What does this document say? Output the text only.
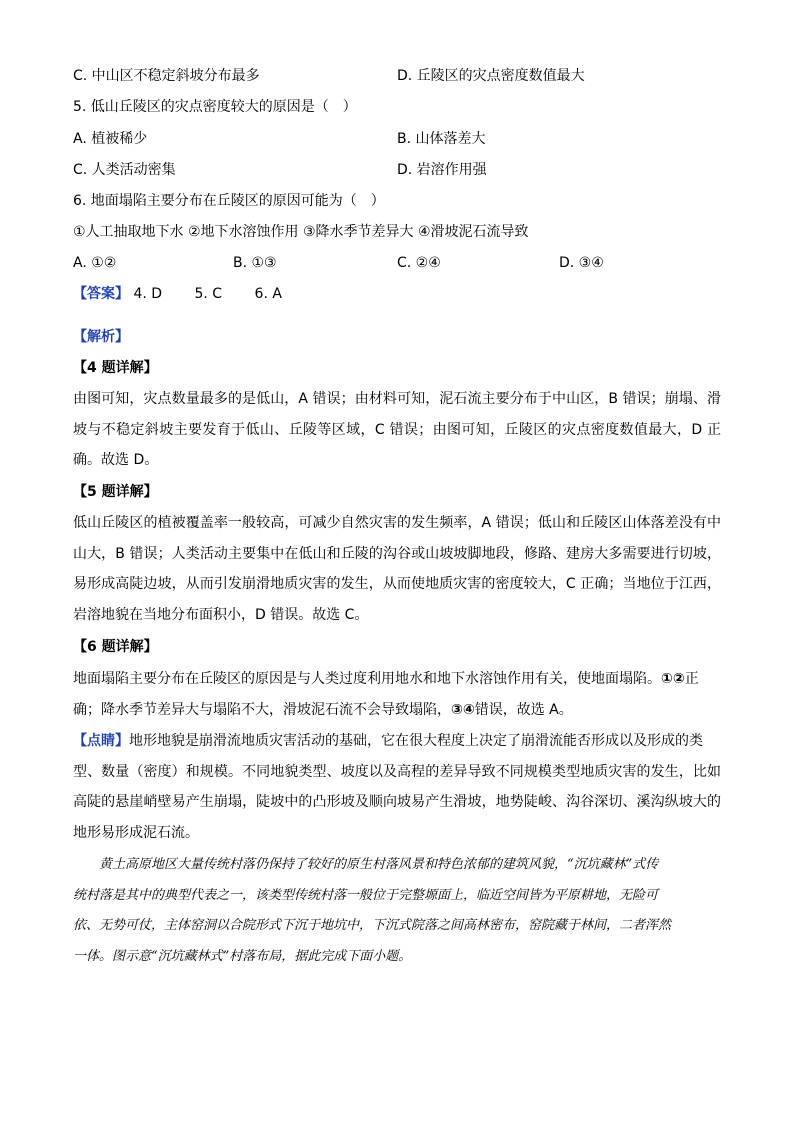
C. 中山区不稳定斜坡分布最多	D. 丘陵区的灾点密度数值最大
5. 低山丘陵区的灾点密度较大的原因是（　）
A. 植被稀少	B. 山体落差大
C. 人类活动密集	D. 岩溶作用强
6. 地面塌陷主要分布在丘陵区的原因可能为（　）
①人工抽取地下水 ②地下水溶蚀作用 ③降水季节差异大 ④滑坡泥石流导致
A. ①②	B. ①③	C. ②④	D. ③④
【答案】 4. D 5. C 6. A
【解析】
【4 题详解】
由图可知，灾点数量最多的是低山，A 错误；由材料可知，泥石流主要分布于中山区，B 错误；崩塌、滑
坡与不稳定斜坡主要发育于低山、丘陵等区域，C 错误；由图可知，丘陵区的灾点密度数值最大，D 正
确。故选 D。
【5 题详解】
低山丘陵区的植被覆盖率一般较高，可减少自然灾害的发生频率，A 错误；低山和丘陵区山体落差没有中
山大，B 错误；人类活动主要集中在低山和丘陵的沟谷或山坡坡脚地段，修路、建房大多需要进行切坡，
易形成高陡边坡，从而引发崩滑地质灾害的发生，从而使地质灾害的密度较大，C 正确；当地位于江西，
岩溶地貌在当地分布面积小，D 错误。故选 C。
【6 题详解】
地面塌陷主要分布在丘陵区的原因是与人类过度利用地水和地下水溶蚀作用有关，使地面塌陷。①②正
确；降水季节差异大与塌陷不大，滑坡泥石流不会导致塌陷，③④错误，故选 A。
【点睛】地形地貌是崩滑流地质灾害活动的基础，它在很大程度上决定了崩滑流能否形成以及形成的类
型、数量（密度）和规模。不同地貌类型、坡度以及高程的差异导致不同规模类型地质灾害的发生，比如
高陡的悬崖峭壁易产生崩塌，陡坡中的凸形坡及顺向坡易产生滑坡，地势陡峻、沟谷深切、溪沟纵坡大的
地形易形成泥石流。
　　黄土高原地区大量传统村落仍保持了较好的原生村落风景和特色浓郁的建筑风貌，“沉坑藏林”式传
统村落是其中的典型代表之一，该类型传统村落一般位于完整塬面上，临近空间皆为平原耕地，无险可
依、无势可仗，主体窑洞以合院形式下沉于地坑中，下沉式院落之间高林密布，窑院藏于林间，二者浑然
一体。图示意“沉坑藏林式”村落布局，据此完成下面小题。
